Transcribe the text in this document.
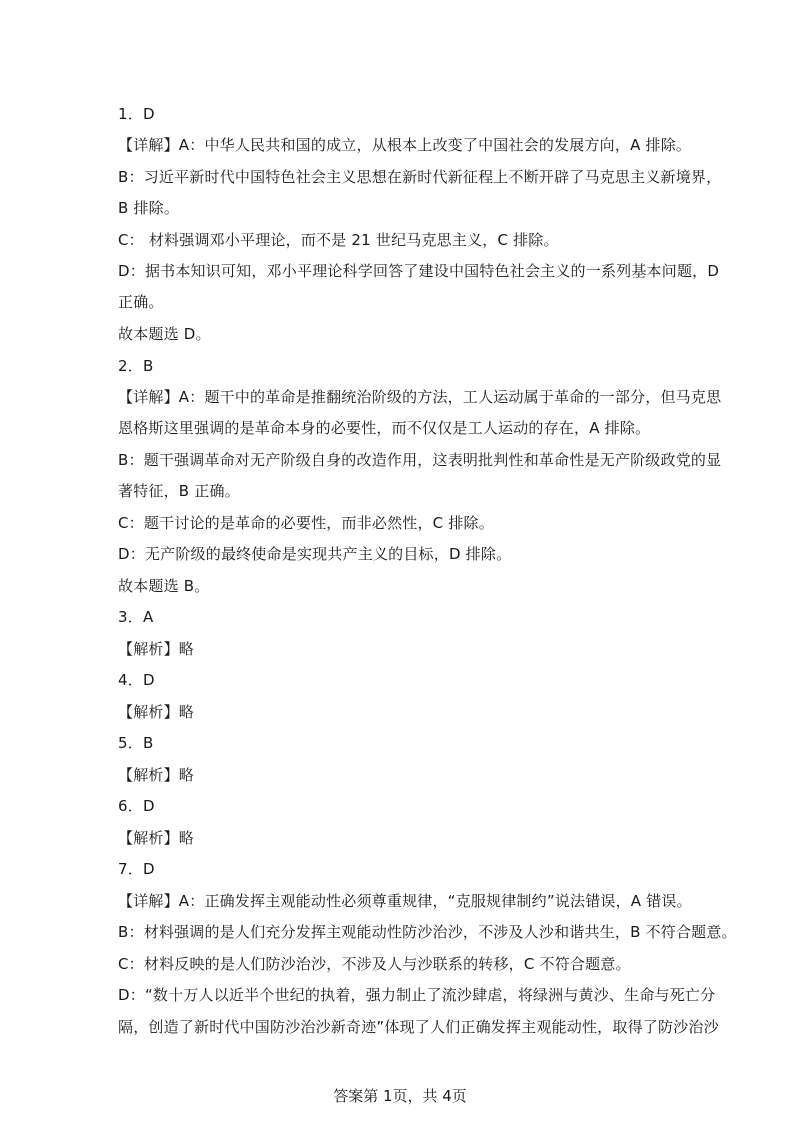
1．D
【详解】A：中华人民共和国的成立，从根本上改变了中国社会的发展方向，A 排除。
B：习近平新时代中国特色社会主义思想在新时代新征程上不断开辟了马克思主义新境界，
B 排除。
C： 材料强调邓小平理论，而不是 21 世纪马克思主义，C 排除。
D：据书本知识可知，邓小平理论科学回答了建设中国特色社会主义的一系列基本问题，D
正确。
故本题选 D。
2．B
【详解】A：题干中的革命是推翻统治阶级的方法，工人运动属于革命的一部分，但马克思
恩格斯这里强调的是革命本身的必要性，而不仅仅是工人运动的存在，A 排除。
B：题干强调革命对无产阶级自身的改造作用，这表明批判性和革命性是无产阶级政党的显
著特征，B 正确。
C：题干讨论的是革命的必要性，而非必然性，C 排除。
D：无产阶级的最终使命是实现共产主义的目标，D 排除。
故本题选 B。
3．A
【解析】略
4．D
【解析】略
5．B
【解析】略
6．D
【解析】略
7．D
【详解】A：正确发挥主观能动性必须尊重规律，“克服规律制约”说法错误，A 错误。
B：材料强调的是人们充分发挥主观能动性防沙治沙，不涉及人沙和谐共生，B 不符合题意。
C：材料反映的是人们防沙治沙，不涉及人与沙联系的转移，C 不符合题意。
D：“数十万人以近半个世纪的执着，强力制止了流沙肆虐，将绿洲与黄沙、生命与死亡分
隔，创造了新时代中国防沙治沙新奇迹”体现了人们正确发挥主观能动性，取得了防沙治沙
答案第 1页，共 4页
